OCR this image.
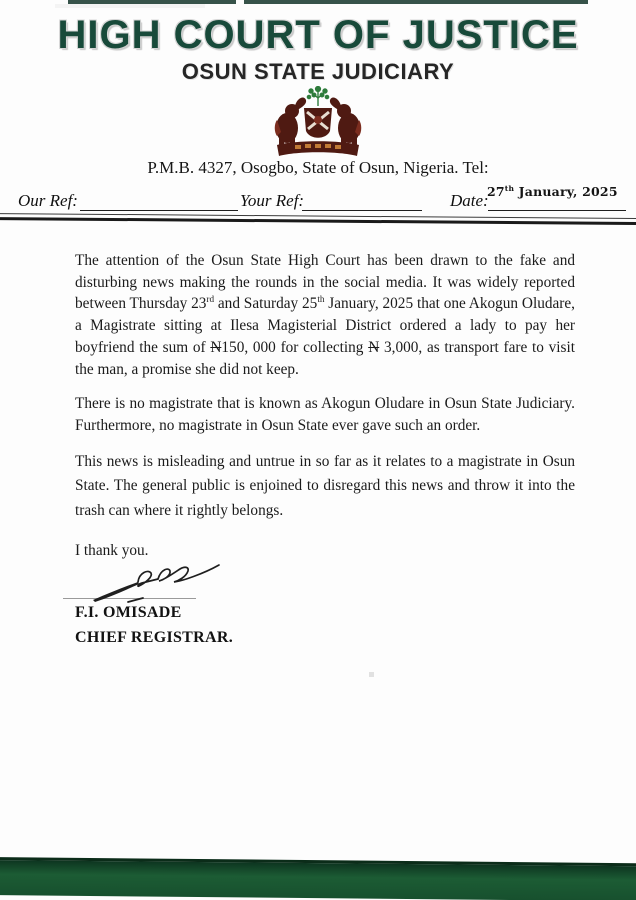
HIGH COURT OF JUSTICE
OSUN STATE JUDICIARY
P.M.B. 4327, Osogbo, State of Osun, Nigeria. Tel:
Our Ref:	Your Ref:	Date:
27th January, 2025

The attention of the Osun State High Court has been drawn to the fake and disturbing news making the rounds in the social media. It was widely reported between Thursday 23rd and Saturday 25th January, 2025 that one Akogun Oludare, a Magistrate sitting at Ilesa Magisterial District ordered a lady to pay her boyfriend the sum of N150, 000 for collecting N 3,000, as transport fare to visit the man, a promise she did not keep.

There is no magistrate that is known as Akogun Oludare in Osun State Judiciary. Furthermore, no magistrate in Osun State ever gave such an order.

This news is misleading and untrue in so far as it relates to a magistrate in Osun State. The general public is enjoined to disregard this news and throw it into the trash can where it rightly belongs.

I thank you.
F.I. OMISADE
CHIEF REGISTRAR.
